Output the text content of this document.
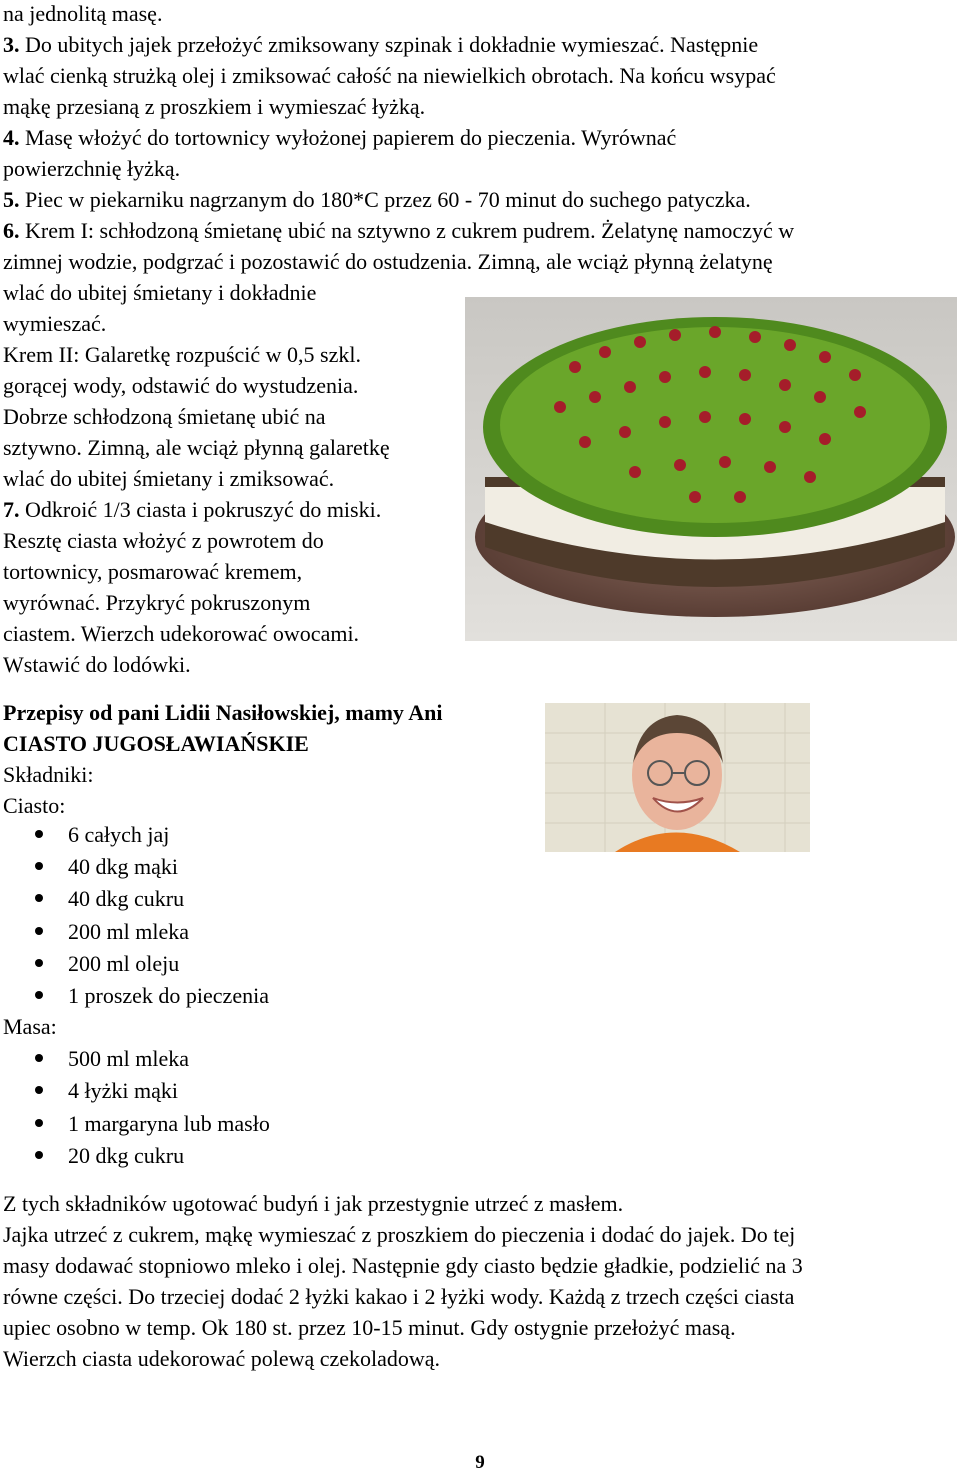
na jednolitą masę.
3. Do ubitych jajek przełożyć zmiksowany szpinak i dokładnie wymieszać. Następnie
wlać cienką strużką olej i zmiksować całość na niewielkich obrotach. Na końcu wsypać
mąkę przesianą z proszkiem i wymieszać łyżką.
4. Masę włożyć do tortownicy wyłożonej papierem do pieczenia. Wyrównać
powierzchnię łyżką.
5. Piec w piekarniku nagrzanym do 180*C przez 60 - 70 minut do suchego patyczka.
6. Krem I: schłodzoną śmietanę ubić na sztywno z cukrem pudrem. Żelatynę namoczyć w
zimnej wodzie, podgrzać i pozostawić do ostudzenia. Zimną, ale wciąż płynną żelatynę
wlać do ubitej śmietany i dokładnie
wymieszać.
Krem II: Galaretkę rozpuścić w 0,5 szkl.
gorącej wody, odstawić do wystudzenia.
Dobrze schłodzoną śmietanę ubić na
sztywno. Zimną, ale wciąż płynną galaretkę
wlać do ubitej śmietany i zmiksować.
7. Odkroić 1/3 ciasta i pokruszyć do miski.
Resztę ciasta włożyć z powrotem do
tortownicy, posmarować kremem,
wyrównać. Przykryć pokruszonym
ciastem. Wierzch udekorować owocami.
Wstawić do lodówki.
Przepisy od pani Lidii Nasiłowskiej, mamy Ani
CIASTO JUGOSŁAWIAŃSKIE
Składniki:
Ciasto:
6 całych jaj
40 dkg mąki
40 dkg cukru
200 ml mleka
200 ml oleju
1 proszek do pieczenia
Masa:
500 ml mleka
4 łyżki mąki
1 margaryna lub masło
20 dkg cukru
Z tych składników ugotować budyń i jak przestygnie utrzeć z masłem.
Jajka utrzeć z cukrem, mąkę wymieszać z proszkiem do pieczenia i dodać do jajek. Do tej
masy dodawać stopniowo mleko i olej. Następnie gdy ciasto będzie gładkie, podzielić na 3
równe części. Do trzeciej dodać 2 łyżki kakao i 2 łyżki wody. Każdą z trzech części ciasta
upiec osobno w temp. Ok 180 st. przez 10-15 minut. Gdy ostygnie przełożyć masą.
Wierzch ciasta udekorować polewą czekoladową.
9
